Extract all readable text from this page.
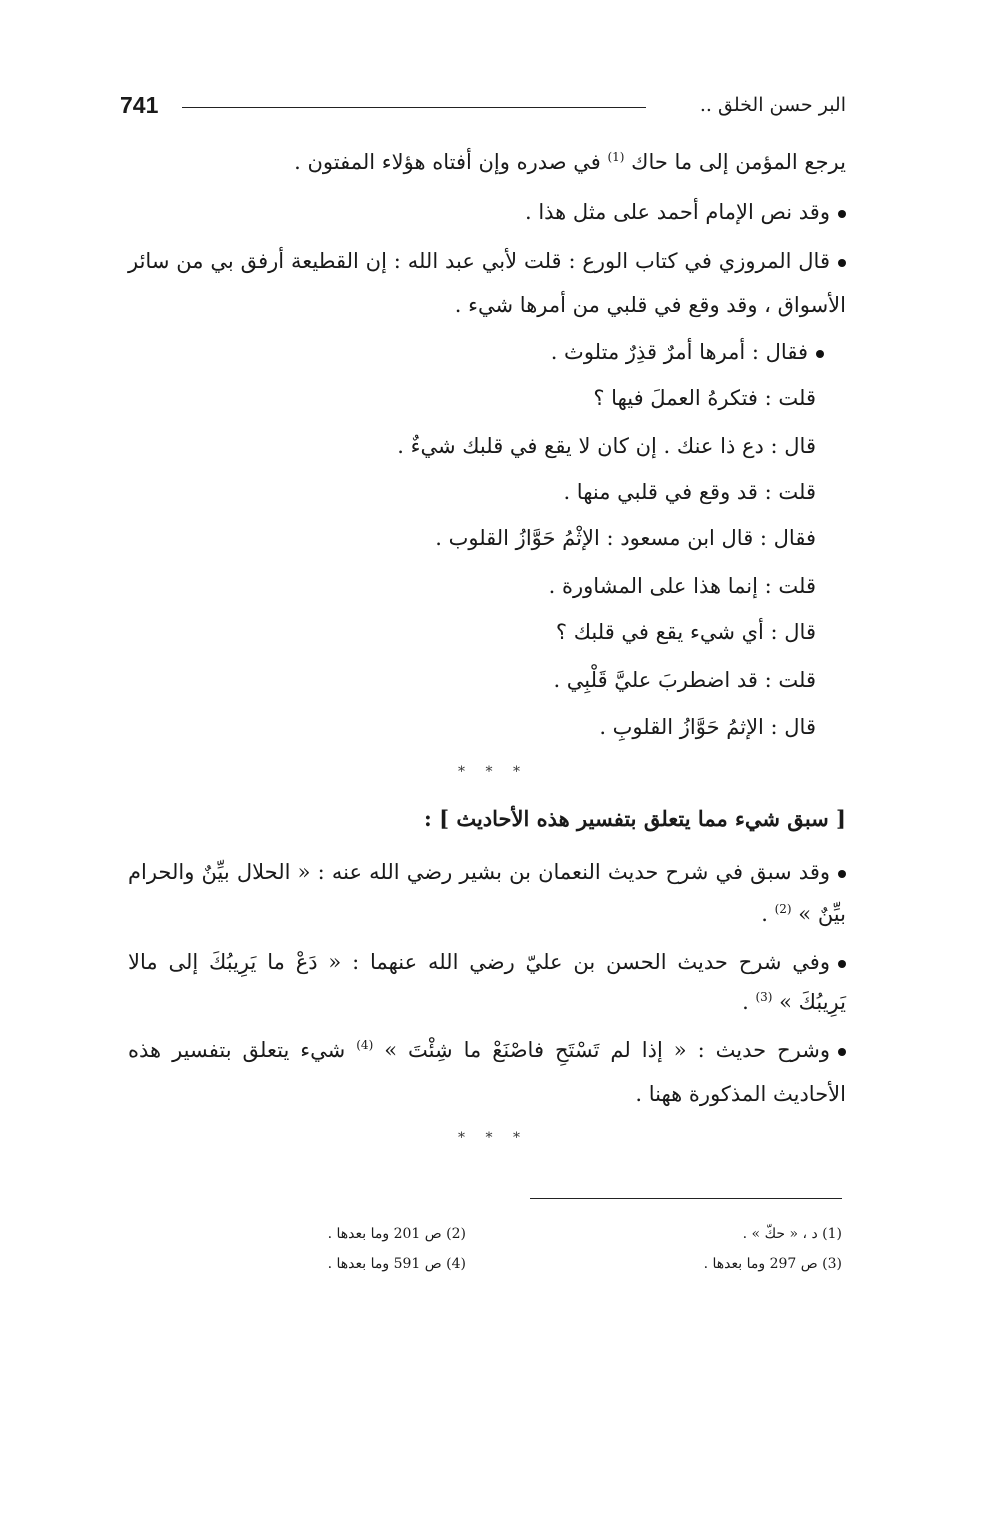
741	البر حسن الخلق ..
يرجع المؤمن إلى ما حاك $^{(1)}$ في صدره وإن أفتاه هؤلاء المفتون .
وقد نص الإمام أحمد على مثل هذا .
قال المروزي في كتاب الورع : قلت لأبي عبد الله : إن القطيعة أرفق بي من سائر
الأسواق ، وقد وقع في قلبي من أمرها شيء .
فقال : أمرها أمرٌ قذِرٌ متلوث .
قلت : فتكرهُ العملَ فيها ؟
قال : دع ذا عنك . إن كان لا يقع في قلبك شيءٌ .
قلت : قد وقع في قلبي منها .
فقال : قال ابن مسعود : الإثْمُ حَوَّازُ القلوب .
قلت : إنما هذا على المشاورة .
قال : أي شيء يقع في قلبك ؟
قلت : قد اضطربَ عليَّ قَلْبِي .
قال : الإثمُ حَوَّازُ القلوبِ .
[ سبق شيء مما يتعلق بتفسير هذه الأحاديث ] :
وقد سبق في شرح حديث النعمان بن بشير رضي الله عنه : « الحلال بيِّنٌ والحرام
بيِّنٌ » $^{(2)}$ .
وفي شرح حديث الحسن بن عليّ رضي الله عنهما : « دَعْ ما يَرِيبُكَ إلى مالا
يَرِيبُكَ » $^{(3)}$ .
وشرح حديث : « إذا لم تَسْتَحِ فاصْنَعْ ما شِئْتَ » $^{(4)}$ شيء يتعلق بتفسير هذه
الأحاديث المذكورة ههنا .
* * *
* * *
(1) د ، « حكّ » .
(2) ص 201 وما بعدها .
(3) ص 297 وما بعدها .
(4) ص 591 وما بعدها .
